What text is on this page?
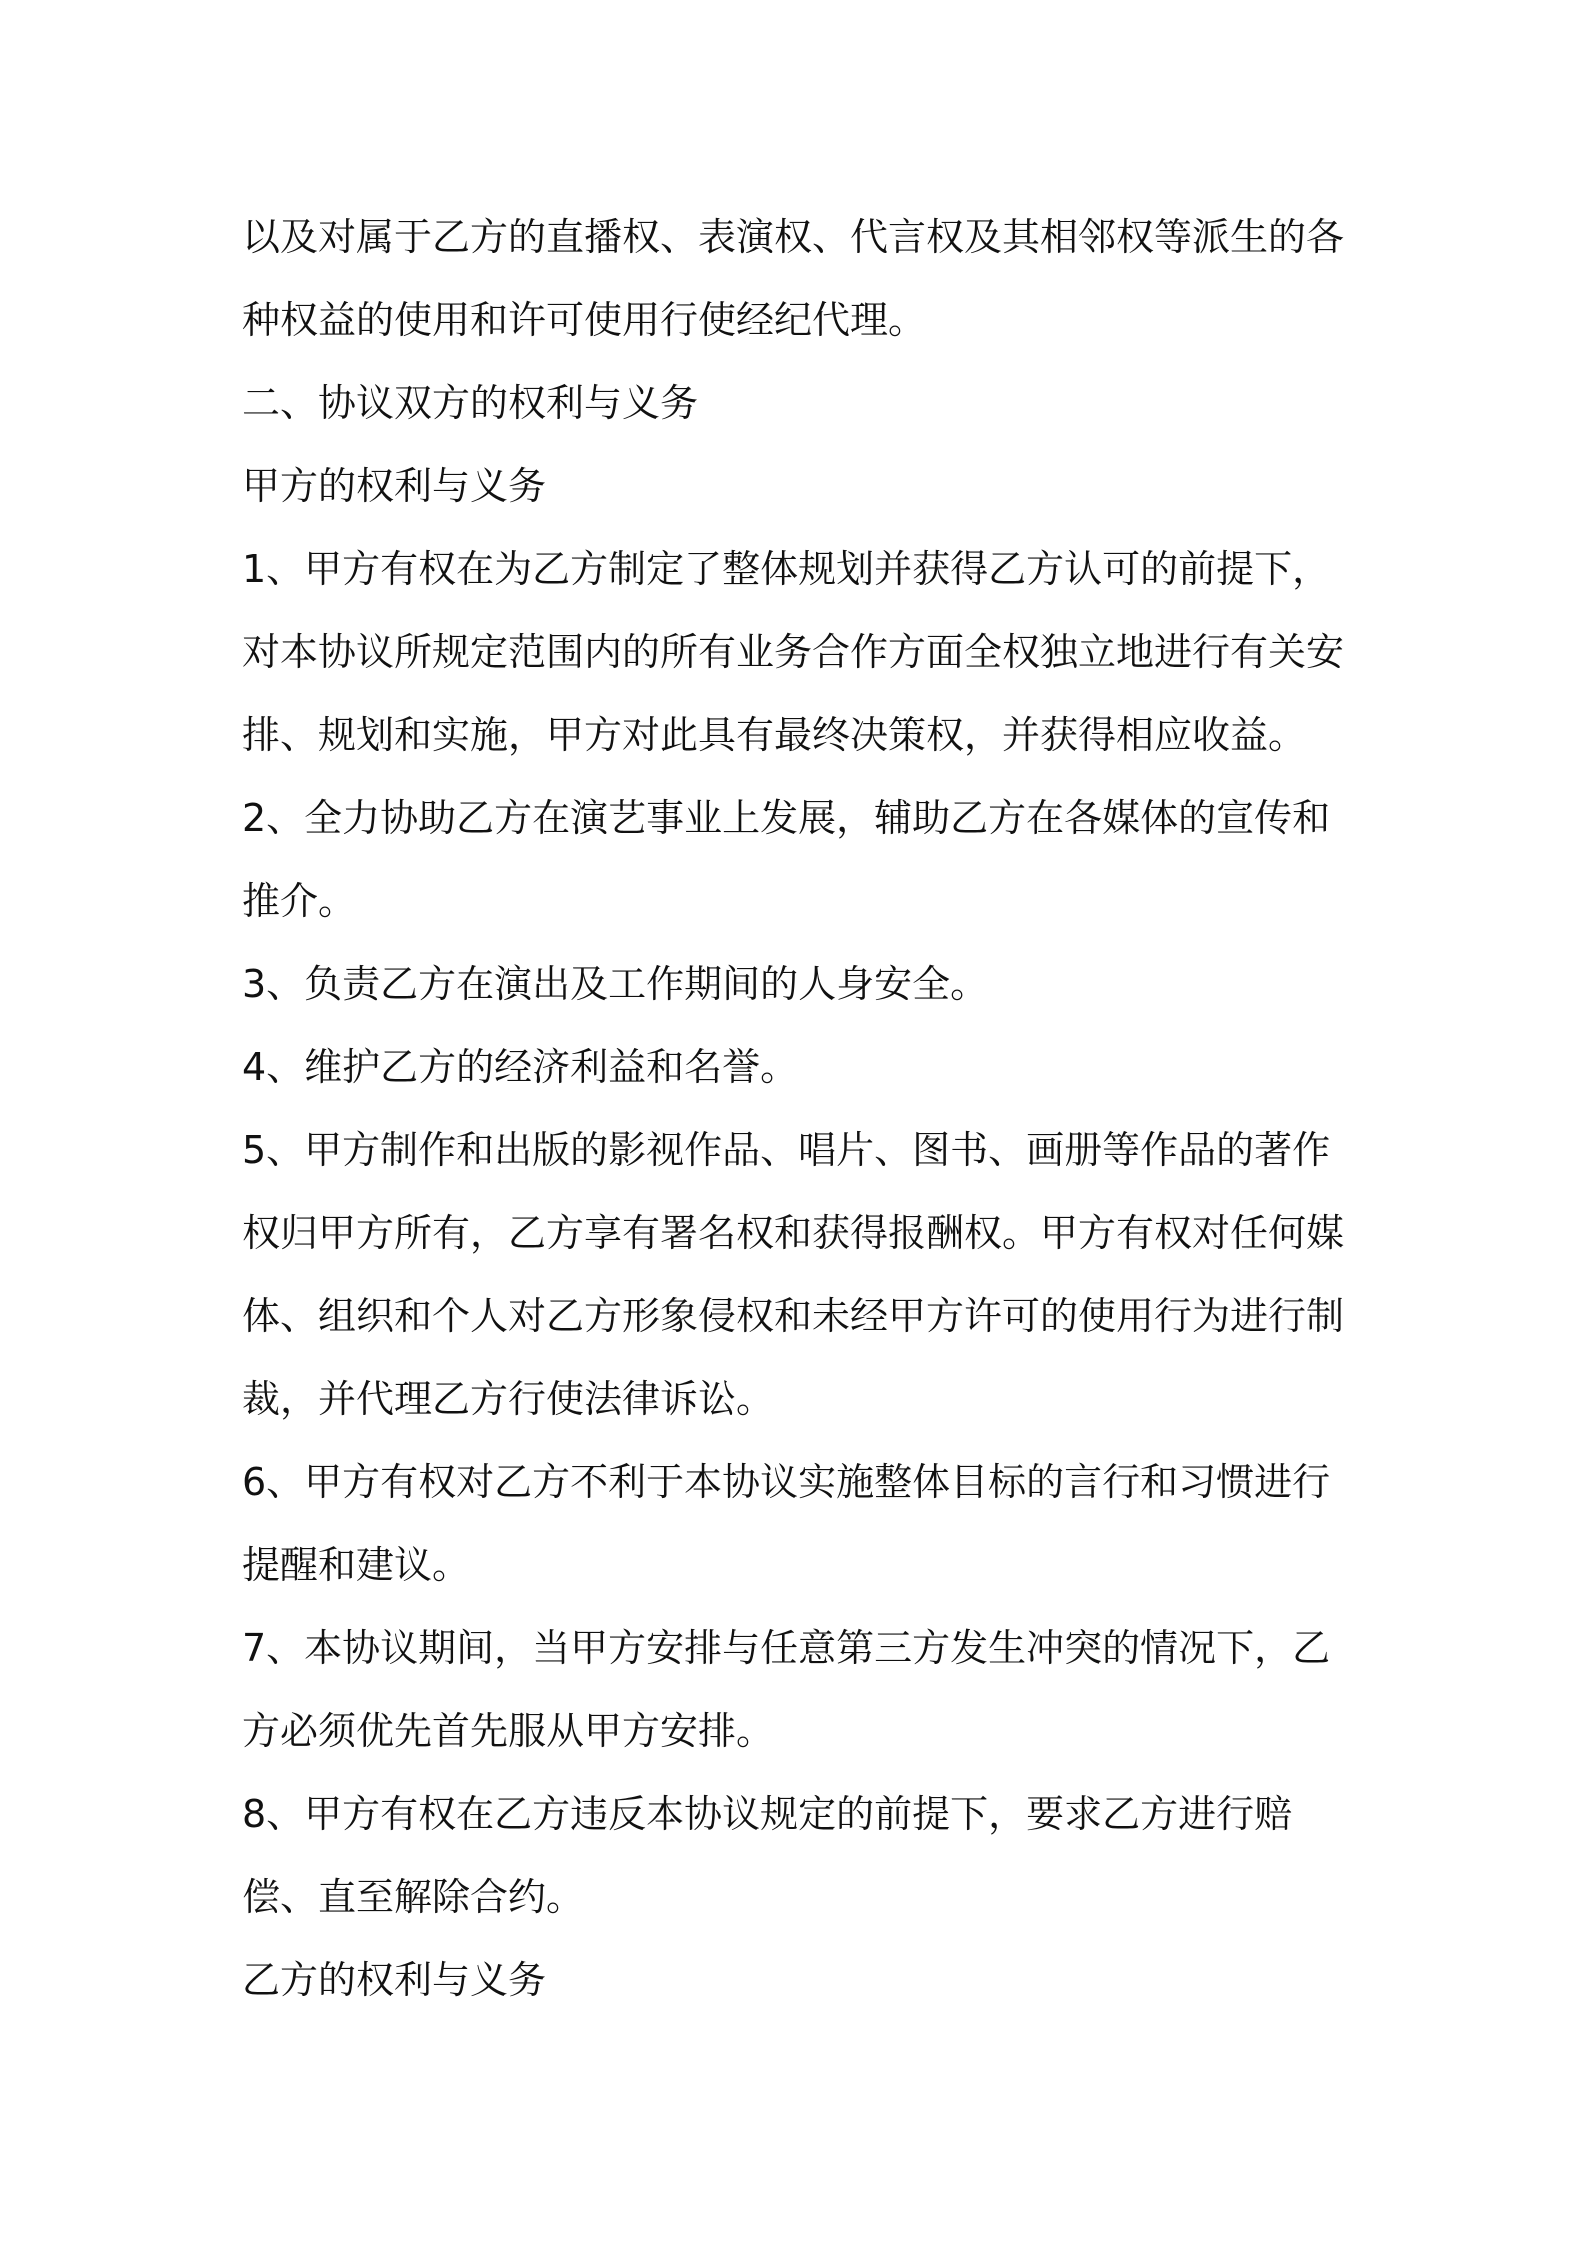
以及对属于乙方的直播权、表演权、代言权及其相邻权等派生的各种权益的使用和许可使用行使经纪代理。

二、协议双方的权利与义务

甲方的权利与义务

1、甲方有权在为乙方制定了整体规划并获得乙方认可的前提下，对本协议所规定范围内的所有业务合作方面全权独立地进行有关安排、规划和实施，甲方对此具有最终决策权，并获得相应收益。

2、全力协助乙方在演艺事业上发展，辅助乙方在各媒体的宣传和推介。

3、负责乙方在演出及工作期间的人身安全。

4、维护乙方的经济利益和名誉。

5、甲方制作和出版的影视作品、唱片、图书、画册等作品的著作权归甲方所有，乙方享有署名权和获得报酬权。甲方有权对任何媒体、组织和个人对乙方形象侵权和未经甲方许可的使用行为进行制裁，并代理乙方行使法律诉讼。

6、甲方有权对乙方不利于本协议实施整体目标的言行和习惯进行提醒和建议。

7、本协议期间，当甲方安排与任意第三方发生冲突的情况下，乙方必须优先首先服从甲方安排。

8、甲方有权在乙方违反本协议规定的前提下，要求乙方进行赔偿、直至解除合约。

乙方的权利与义务
